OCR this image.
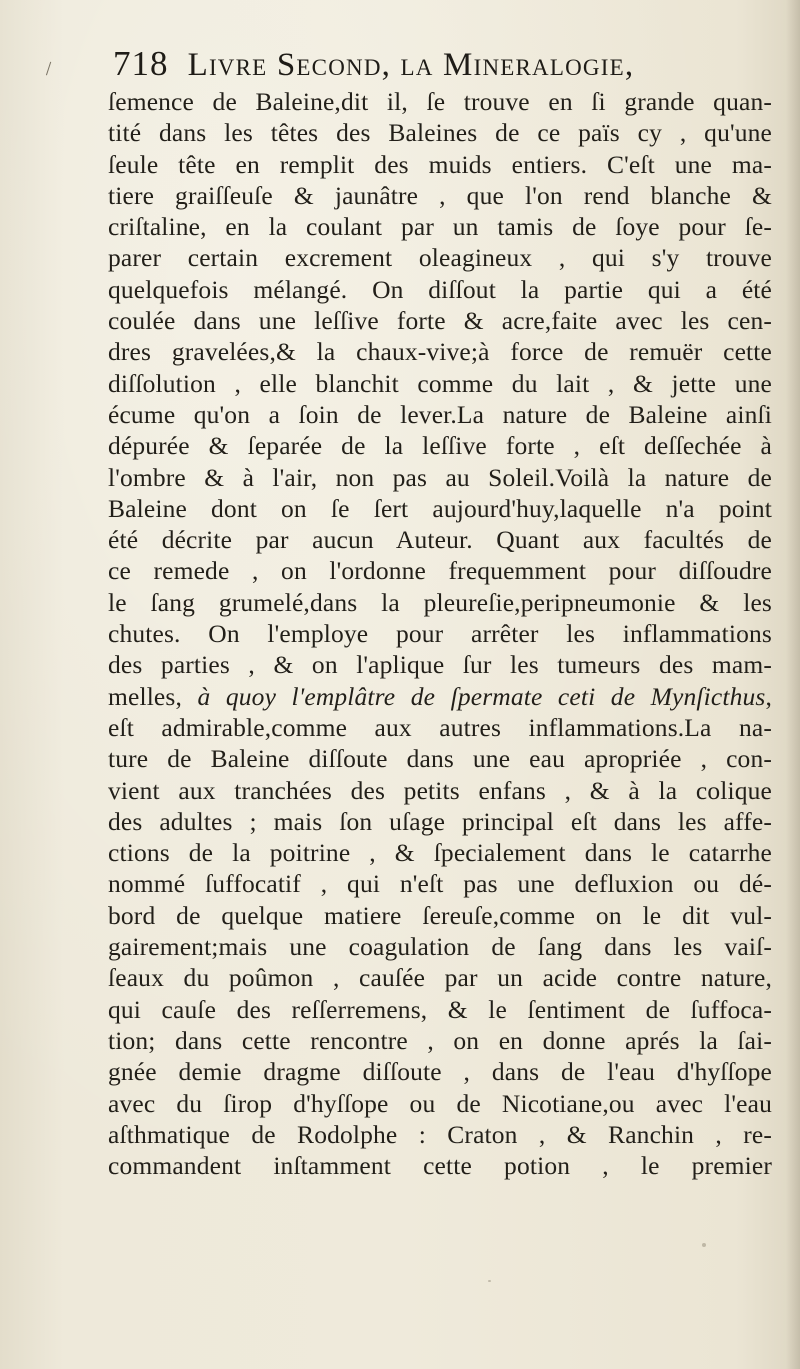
718 Livre Second, la Mineralogie,
ſemence de Baleine,dit il, ſe trouve en ſi grande quan-
tité dans les têtes des Baleines de ce païs cy , qu'une
ſeule tête en remplit des muids entiers. C'eſt une ma-
tiere graiſſeuſe & jaunâtre , que l'on rend blanche &
criſtaline, en la coulant par un tamis de ſoye pour ſe-
parer certain excrement oleagineux , qui s'y trouve
quelquefois mélangé. On diſſout la partie qui a été
coulée dans une leſſive forte & acre,faite avec les cen-
dres gravelées,& la chaux-vive;à force de remuër cette
diſſolution , elle blanchit comme du lait , & jette une
écume qu'on a ſoin de lever.La nature de Baleine ainſi
dépurée & ſeparée de la leſſive forte , eſt deſſechée à
l'ombre & à l'air, non pas au Soleil.Voilà la nature de
Baleine dont on ſe ſert aujourd'huy,laquelle n'a point
été décrite par aucun Auteur. Quant aux facultés de
ce remede , on l'ordonne frequemment pour diſſoudre
le ſang grumelé,dans la pleureſie,peripneumonie & les
chutes. On l'employe pour arrêter les inflammations
des parties , & on l'aplique ſur les tumeurs des mam-
melles, à quoy l'emplâtre de ſpermate ceti de Mynſicthus,
eſt admirable,comme aux autres inflammations.La na-
ture de Baleine diſſoute dans une eau apropriée , con-
vient aux tranchées des petits enfans , & à la colique
des adultes ; mais ſon uſage principal eſt dans les affe-
ctions de la poitrine , & ſpecialement dans le catarrhe
nommé ſuffocatif , qui n'eſt pas une defluxion ou dé-
bord de quelque matiere ſereuſe,comme on le dit vul-
gairement;mais une coagulation de ſang dans les vaiſ-
ſeaux du poûmon , cauſée par un acide contre nature,
qui cauſe des reſſerremens, & le ſentiment de ſuffoca-
tion; dans cette rencontre , on en donne aprés la ſai-
gnée demie dragme diſſoute , dans de l'eau d'hyſſope
avec du ſirop d'hyſſope ou de Nicotiane,ou avec l'eau
aſthmatique de Rodolphe : Craton , & Ranchin , re-
commandent inſtamment cette potion , le premier
